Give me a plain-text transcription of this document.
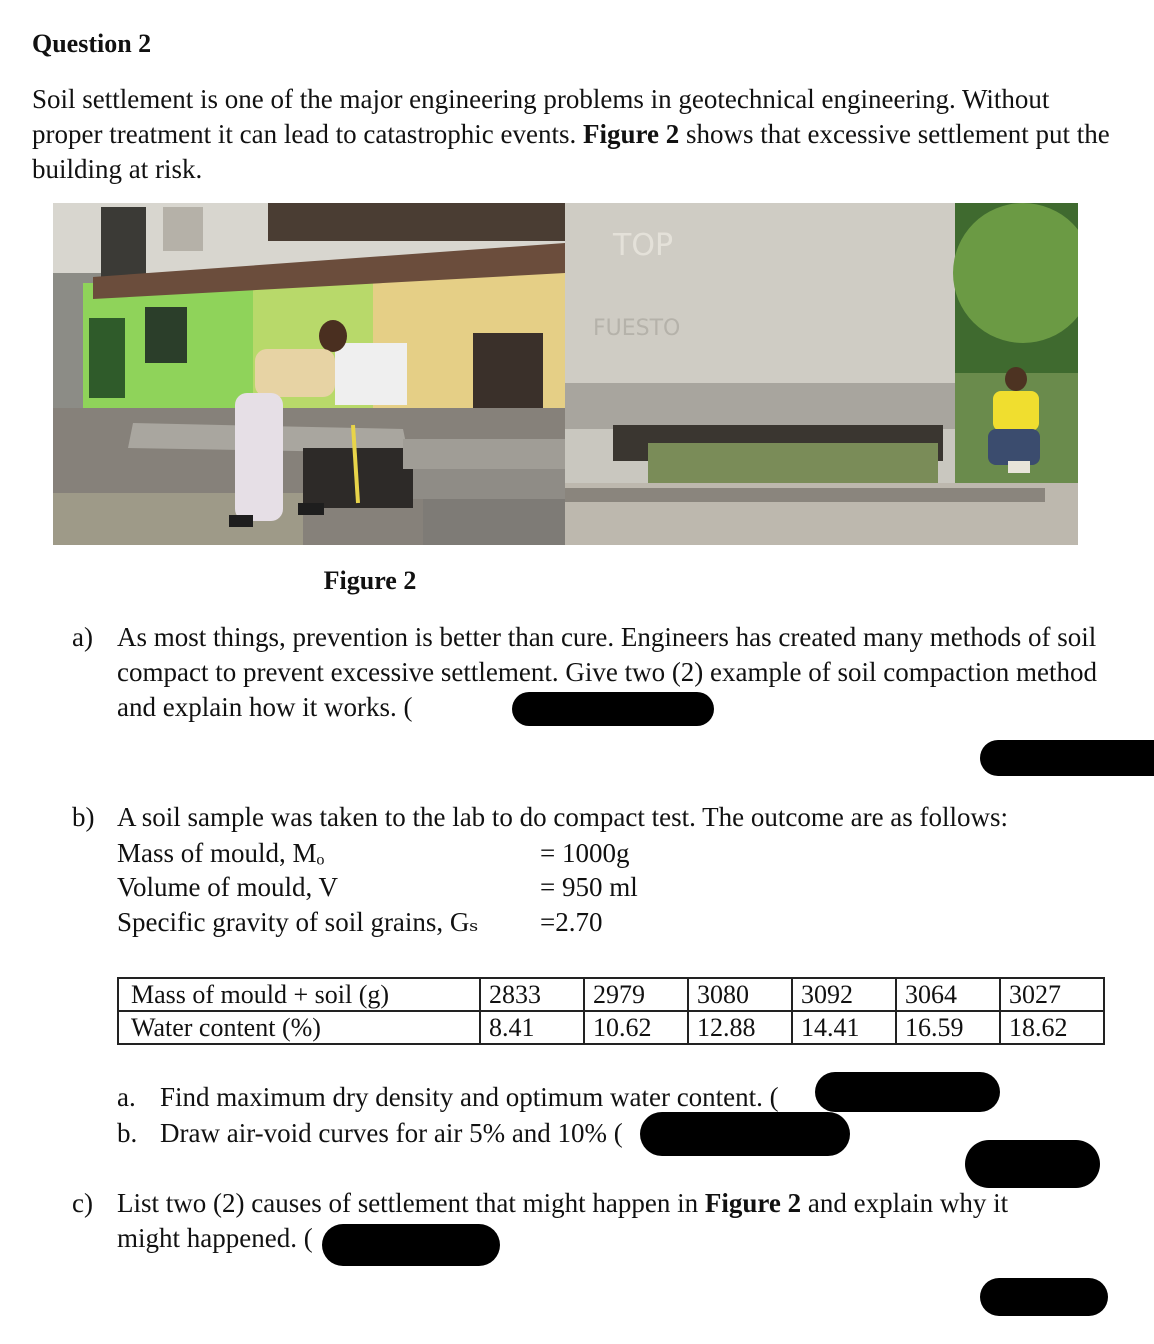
Question 2
Soil settlement is one of the major engineering problems in geotechnical engineering. Without proper treatment it can lead to catastrophic events. Figure 2 shows that excessive settlement put the building at risk.
TOP
FUESTO
Figure 2
a) As most things, prevention is better than cure. Engineers has created many methods of soil compact to prevent excessive settlement. Give two (2) example of soil compaction method and explain how it works. (
b) A soil sample was taken to the lab to do compact test. The outcome are as follows:
Mass of mould, Mₒ	= 1000g
Volume of mould, V	= 950 ml
Specific gravity of soil grains, Gₛ =2.70
Mass of mould + soil (g)	2833	2979	3080	3092	3064	3027
Water content (%)	8.41	10.62	12.88	14.41	16.59	18.62
a. Find maximum dry density and optimum water content. (
b. Draw air-void curves for air 5% and 10% (
c) List two (2) causes of settlement that might happen in Figure 2 and explain why it might happened. (
